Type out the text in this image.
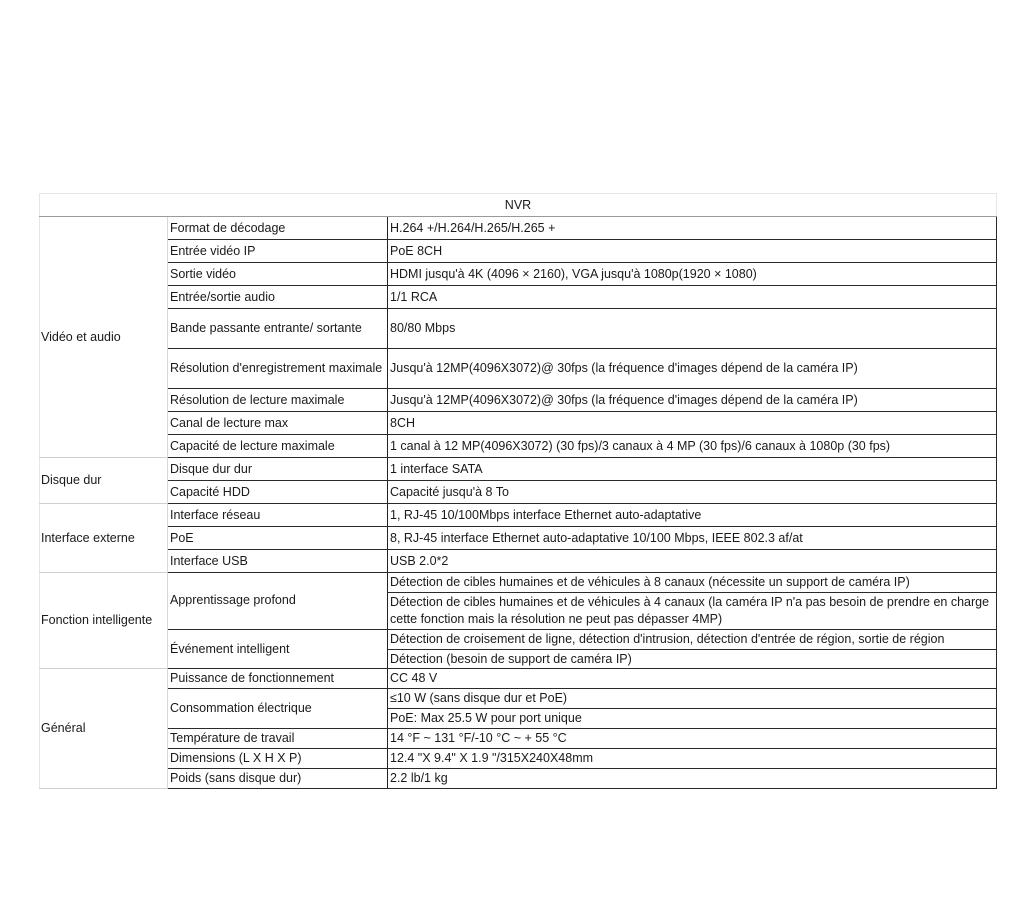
NVR		
Vidéo et audio	Format de décodage	H.264 +/H.264/H.265/H.265 +
	Entrée vidéo IP	PoE 8CH
	Sortie vidéo	HDMI jusqu'à 4K (4096 × 2160), VGA jusqu'à 1080p(1920 × 1080)
	Entrée/sortie audio	1/1 RCA
	Bande passante entrante/ sortante	80/80 Mbps
	Résolution d'enregistrement maximale	Jusqu'à 12MP(4096X3072)@ 30fps (la fréquence d'images dépend de la caméra IP)
	Résolution de lecture maximale	Jusqu'à 12MP(4096X3072)@ 30fps (la fréquence d'images dépend de la caméra IP)
	Canal de lecture max	8CH
	Capacité de lecture maximale	1 canal à 12 MP(4096X3072) (30 fps)/3 canaux à 4 MP (30 fps)/6 canaux à 1080p (30 fps)
Disque dur	Disque dur dur	1 interface SATA
	Capacité HDD	Capacité jusqu'à 8 To
Interface externe	Interface réseau	1, RJ-45 10/100Mbps interface Ethernet auto-adaptative
	PoE	8, RJ-45 interface Ethernet auto-adaptative 10/100 Mbps, IEEE 802.3 af/at
	Interface USB	USB 2.0*2
Fonction intelligente	Apprentissage profond	Détection de cibles humaines et de véhicules à 8 canaux (nécessite un support de caméra IP)
		Détection de cibles humaines et de véhicules à 4 canaux (la caméra IP n'a pas besoin de prendre en charge cette fonction mais la résolution ne peut pas dépasser 4MP)
	Événement intelligent	Détection de croisement de ligne, détection d'intrusion, détection d'entrée de région, sortie de région
		Détection (besoin de support de caméra IP)
Général	Puissance de fonctionnement	CC 48 V
	Consommation électrique	≤10 W (sans disque dur et PoE)
		PoE: Max 25.5 W pour port unique
	Température de travail	14 °F ~ 131 °F/-10 °C ~ + 55 °C
	Dimensions (L X H X P)	12.4 "X 9.4" X 1.9 "/315X240X48mm
	Poids (sans disque dur)	2.2 lb/1 kg
